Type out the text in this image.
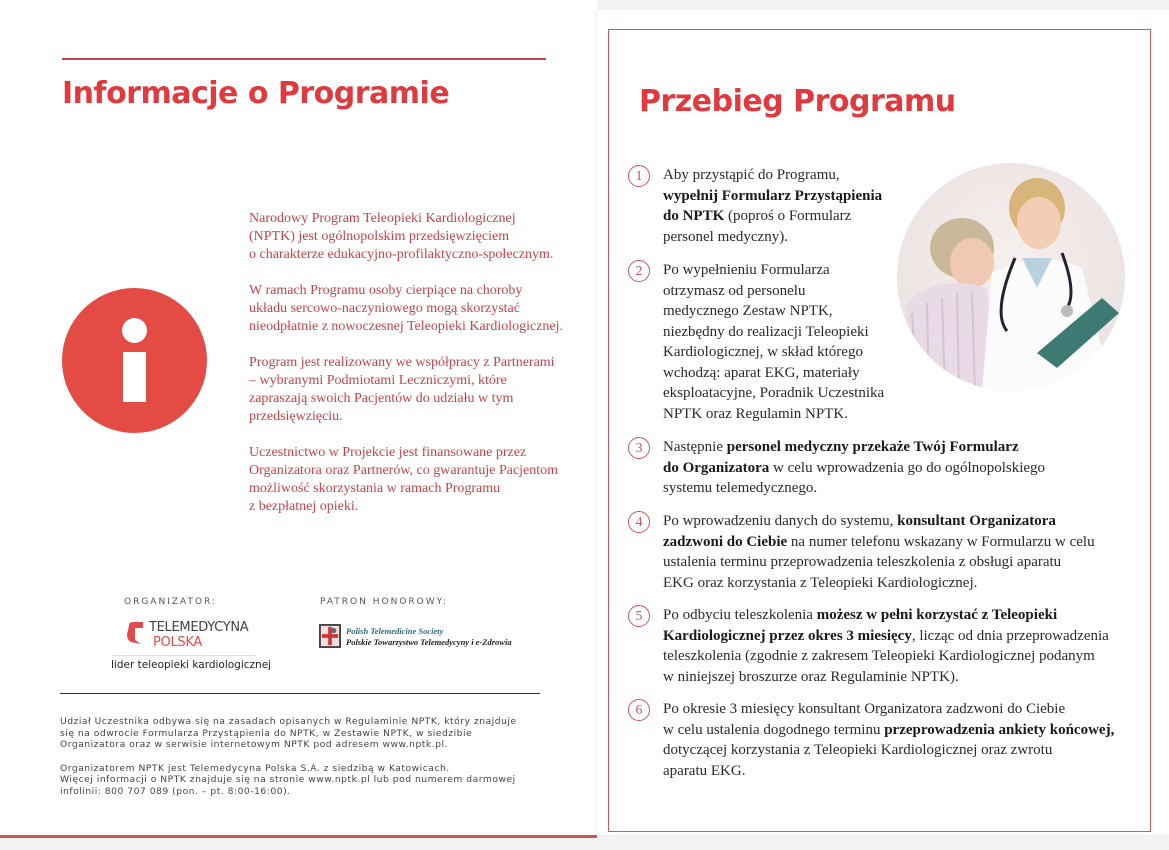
Informacje o Programie

Narodowy Program Teleopieki Kardiologicznej
(NPTK) jest ogólnopolskim przedsięwzięciem
o charakterze edukacyjno-profilaktyczno-społecznym.

W ramach Programu osoby cierpiące na choroby
układu sercowo-naczyniowego mogą skorzystać
nieodpłatnie z nowoczesnej Teleopieki Kardiologicznej.

Program jest realizowany we współpracy z Partnerami
– wybranymi Podmiotami Leczniczymi, które
zapraszają swoich Pacjentów do udziału w tym
przedsięwzięciu.

Uczestnictwo w Projekcie jest finansowane przez
Organizatora oraz Partnerów, co gwarantuje Pacjentom
możliwość skorzystania w ramach Programu
z bezpłatnej opieki.

ORGANIZATOR:	PATRON HONOROWY:
TELEMEDYCYNA
POLSKA
lider teleopieki kardiologicznej
Polish Telemedicine Society
Polskie Towarzystwo Telemedycyny i e-Zdrowia

Udział Uczestnika odbywa się na zasadach opisanych w Regulaminie NPTK, który znajduje
się na odwrocie Formularza Przystąpienia do NPTK, w Zestawie NPTK, w siedzibie
Organizatora oraz w serwisie internetowym NPTK pod adresem www.nptk.pl.

Organizatorem NPTK jest Telemedycyna Polska S.A. z siedzibą w Katowicach.
Więcej informacji o NPTK znajduje się na stronie www.nptk.pl lub pod numerem darmowej
infolinii: 800 707 089 (pon. – pt. 8:00-16:00).

Przebieg Programu
1	Aby przystąpić do Programu,
wypełnij Formularz Przystąpienia
do NPTK (poproś o Formularz
personel medyczny).
2	Po wypełnieniu Formularza
otrzymasz od personelu
medycznego Zestaw NPTK,
niezbędny do realizacji Teleopieki
Kardiologicznej, w skład którego
wchodzą: aparat EKG, materiały
eksploatacyjne, Poradnik Uczestnika
NPTK oraz Regulamin NPTK.
3	Następnie personel medyczny przekaże Twój Formularz
do Organizatora w celu wprowadzenia go do ogólnopolskiego
systemu telemedycznego.
4	Po wprowadzeniu danych do systemu, konsultant Organizatora
zadzwoni do Ciebie na numer telefonu wskazany w Formularzu w celu
ustalenia terminu przeprowadzenia teleszkolenia z obsługi aparatu
EKG oraz korzystania z Teleopieki Kardiologicznej.
5	Po odbyciu teleszkolenia możesz w pełni korzystać z Teleopieki
Kardiologicznej przez okres 3 miesięcy, licząc od dnia przeprowadzenia
teleszkolenia (zgodnie z zakresem Teleopieki Kardiologicznej podanym
w niniejszej broszurze oraz Regulaminie NPTK).
6	Po okresie 3 miesięcy konsultant Organizatora zadzwoni do Ciebie
w celu ustalenia dogodnego terminu przeprowadzenia ankiety końcowej,
dotyczącej korzystania z Teleopieki Kardiologicznej oraz zwrotu
aparatu EKG.
